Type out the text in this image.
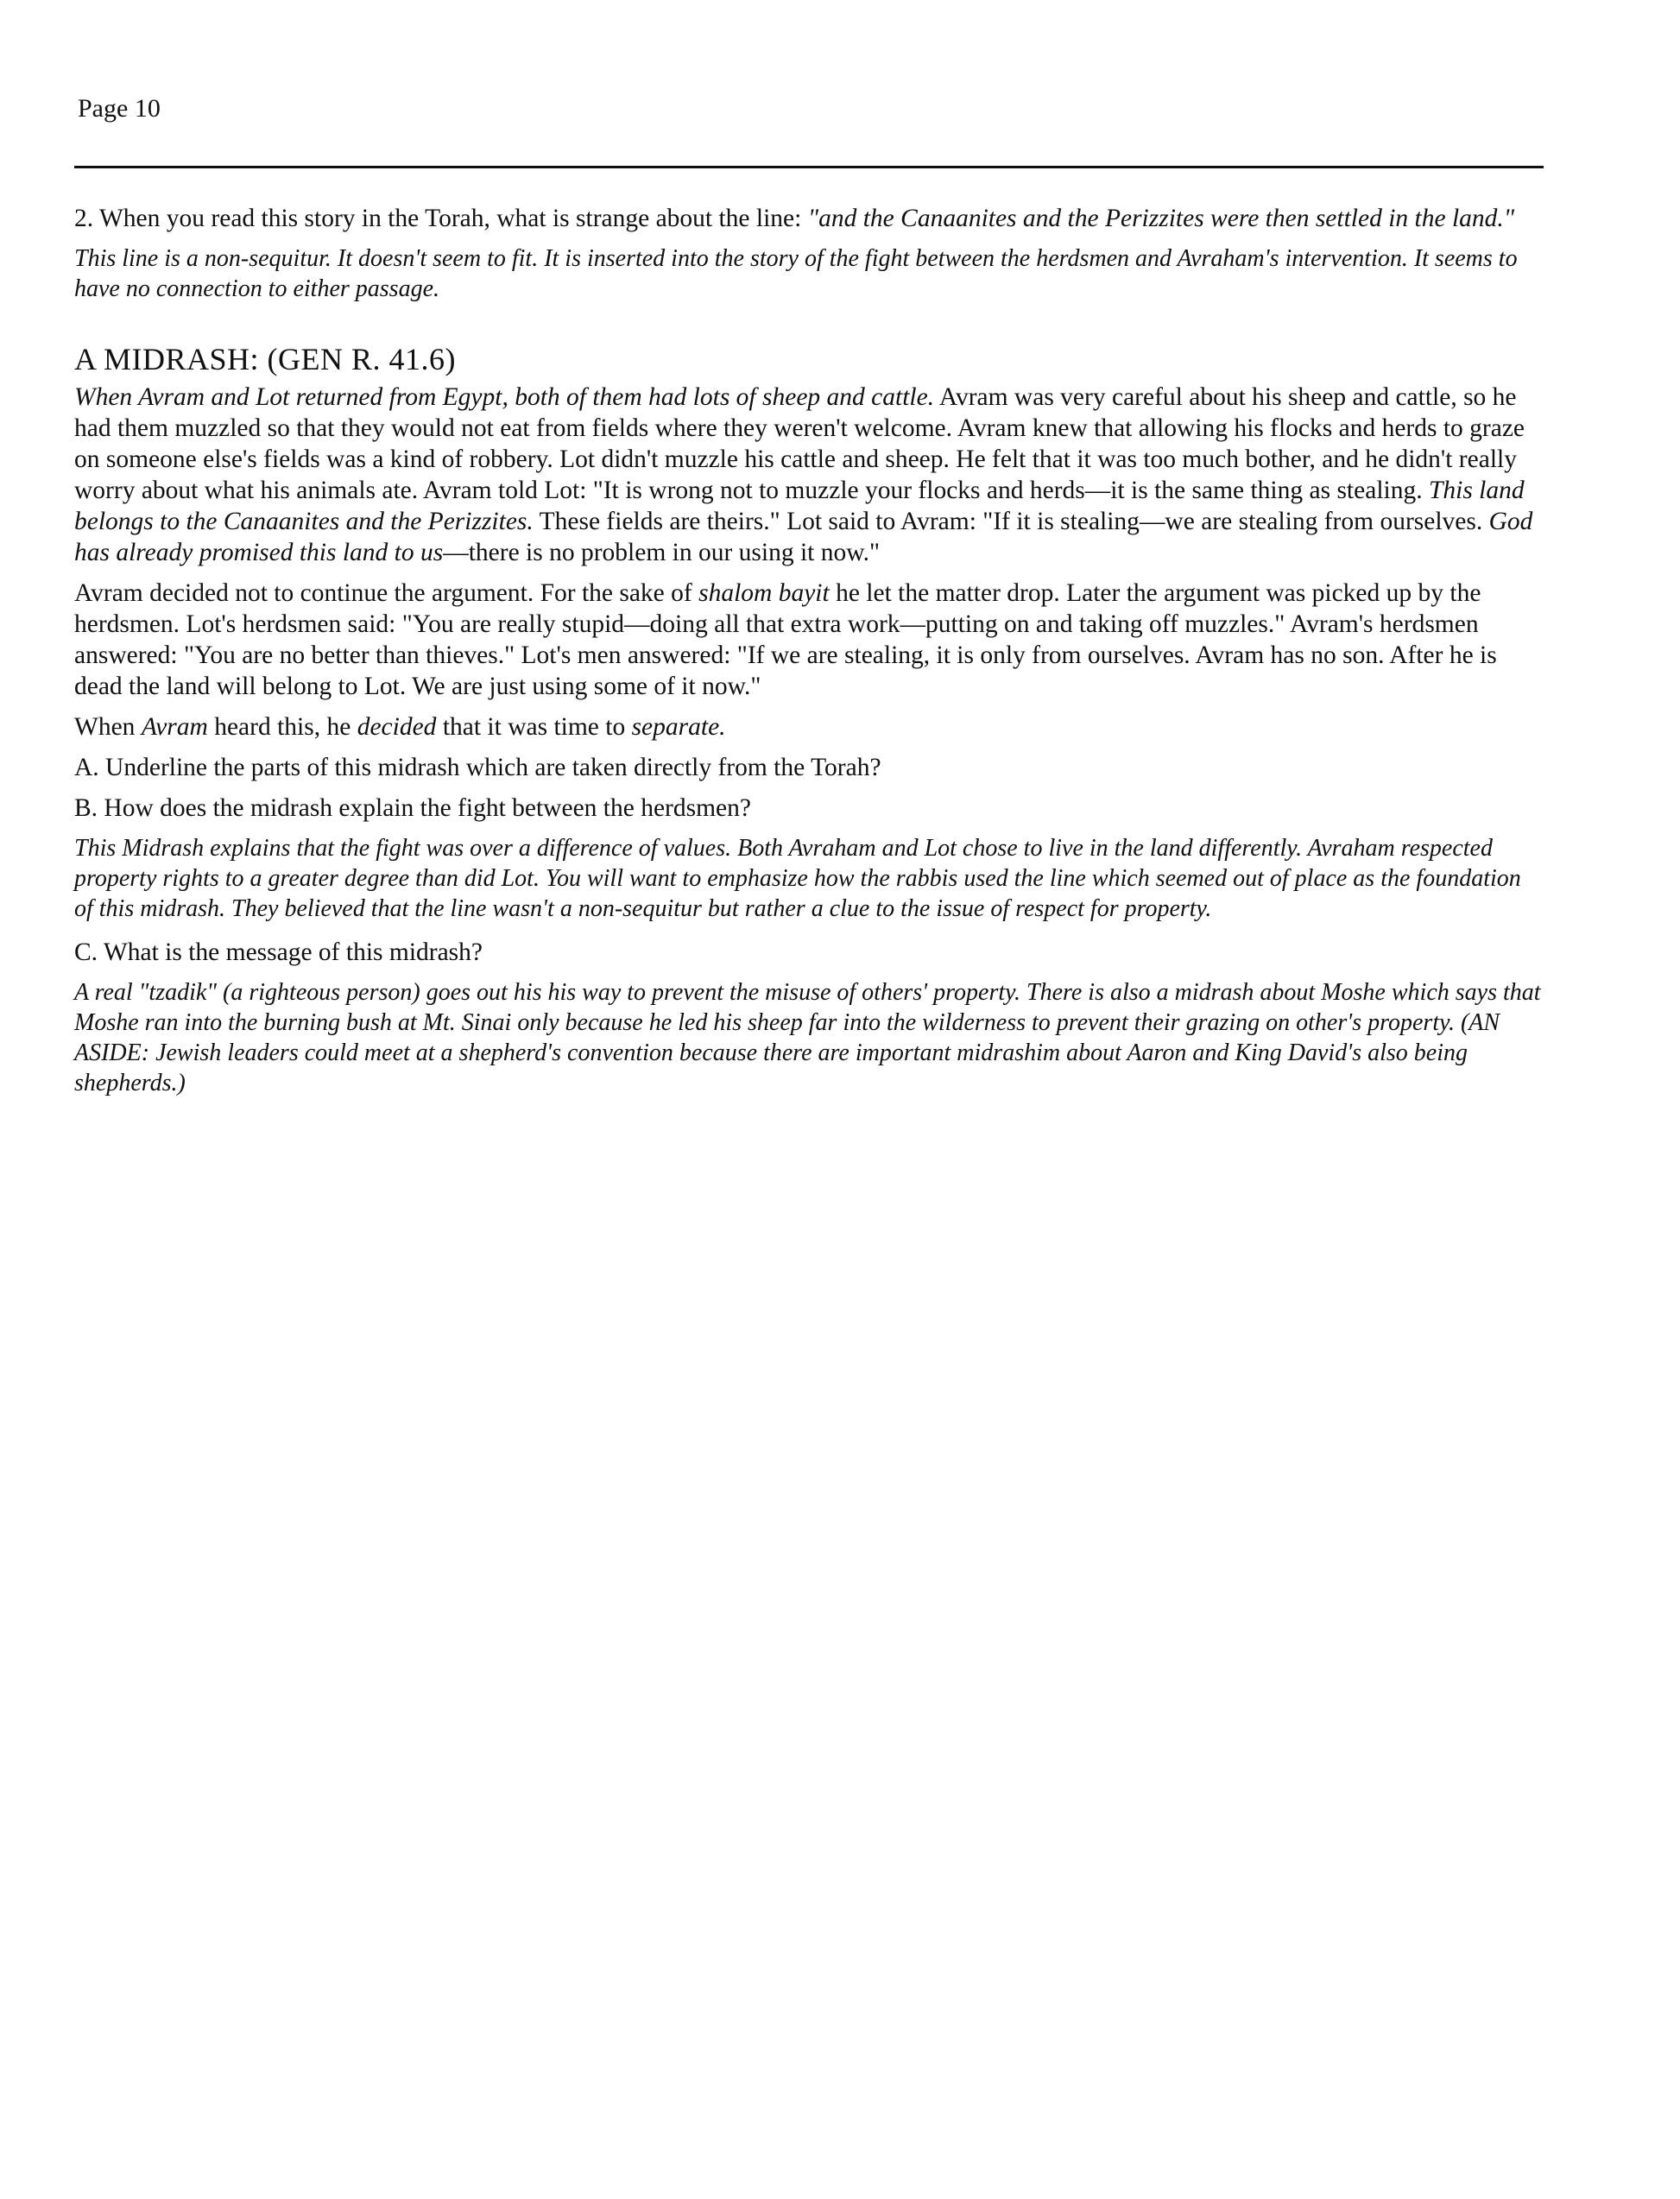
Page 10

2. When you read this story in the Torah, what is strange about the line: "and the Canaanites and the Perizzites were then settled in the land."

This line is a non-sequitur. It doesn't seem to fit. It is inserted into the story of the fight between the herdsmen and Avraham's intervention. It seems to have no connection to either passage.

A MIDRASH: (GEN R. 41.6)

When Avram and Lot returned from Egypt, both of them had lots of sheep and cattle. Avram was very careful about his sheep and cattle, so he had them muzzled so that they would not eat from fields where they weren't welcome. Avram knew that allowing his flocks and herds to graze on someone else's fields was a kind of robbery. Lot didn't muzzle his cattle and sheep. He felt that it was too much bother, and he didn't really worry about what his animals ate. Avram told Lot: "It is wrong not to muzzle your flocks and herds—it is the same thing as stealing. This land belongs to the Canaanites and the Perizzites. These fields are theirs." Lot said to Avram: "If it is stealing—we are stealing from ourselves. God has already promised this land to us—there is no problem in our using it now."

Avram decided not to continue the argument. For the sake of shalom bayit he let the matter drop. Later the argument was picked up by the herdsmen. Lot's herdsmen said: "You are really stupid—doing all that extra work—putting on and taking off muzzles." Avram's herdsmen answered: "You are no better than thieves." Lot's men answered: "If we are stealing, it is only from ourselves. Avram has no son. After he is dead the land will belong to Lot. We are just using some of it now."

When Avram heard this, he decided that it was time to separate.

A. Underline the parts of this midrash which are taken directly from the Torah?

B. How does the midrash explain the fight between the herdsmen?

This Midrash explains that the fight was over a difference of values. Both Avraham and Lot chose to live in the land differently. Avraham respected property rights to a greater degree than did Lot. You will want to emphasize how the rabbis used the line which seemed out of place as the foundation of this midrash. They believed that the line wasn't a non-sequitur but rather a clue to the issue of respect for property.

C. What is the message of this midrash?

A real "tzadik" (a righteous person) goes out his his way to prevent the misuse of others' property. There is also a midrash about Moshe which says that Moshe ran into the burning bush at Mt. Sinai only because he led his sheep far into the wilderness to prevent their grazing on other's property. (AN ASIDE: Jewish leaders could meet at a shepherd's convention because there are important midrashim about Aaron and King David's also being shepherds.)
